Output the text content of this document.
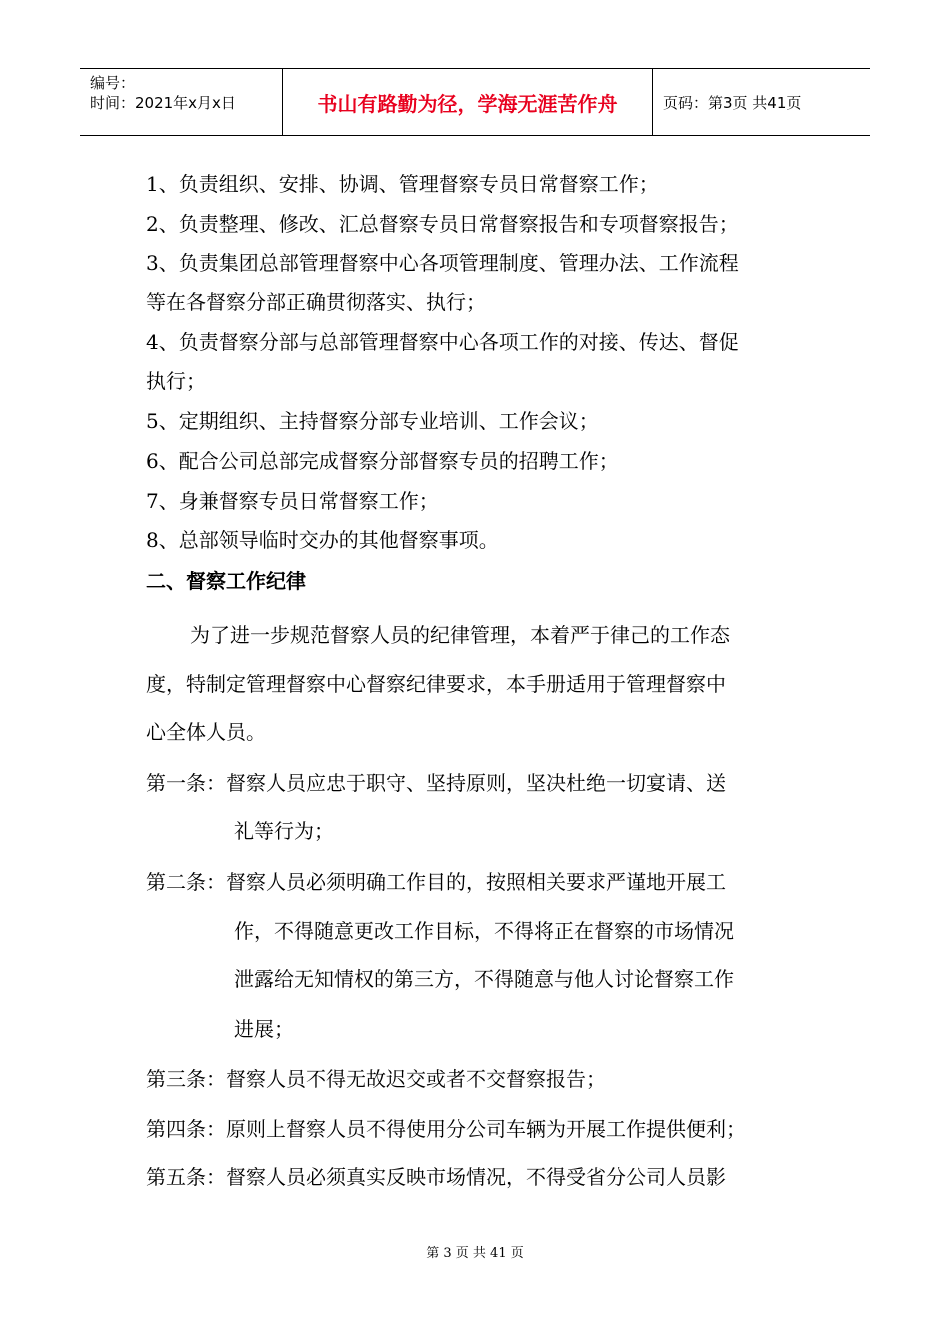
编号：
时间：2021年x月x日	书山有路勤为径，学海无涯苦作舟	页码：第3页 共41页
1、负责组织、安排、协调、管理督察专员日常督察工作；
2、负责整理、修改、汇总督察专员日常督察报告和专项督察报告；
3、负责集团总部管理督察中心各项管理制度、管理办法、工作流程
等在各督察分部正确贯彻落实、执行；
4、负责督察分部与总部管理督察中心各项工作的对接、传达、督促
执行；
5、定期组织、主持督察分部专业培训、工作会议；
6、配合公司总部完成督察分部督察专员的招聘工作；
7、身兼督察专员日常督察工作；
8、总部领导临时交办的其他督察事项。
二、督察工作纪律
为了进一步规范督察人员的纪律管理，本着严于律己的工作态
度，特制定管理督察中心督察纪律要求，本手册适用于管理督察中
心全体人员。
第一条：督察人员应忠于职守、坚持原则，坚决杜绝一切宴请、送
礼等行为；
第二条：督察人员必须明确工作目的，按照相关要求严谨地开展工
作，不得随意更改工作目标，不得将正在督察的市场情况
泄露给无知情权的第三方，不得随意与他人讨论督察工作
进展；
第三条：督察人员不得无故迟交或者不交督察报告；
第四条：原则上督察人员不得使用分公司车辆为开展工作提供便利；
第五条：督察人员必须真实反映市场情况，不得受省分公司人员影
第 3 页 共 41 页
